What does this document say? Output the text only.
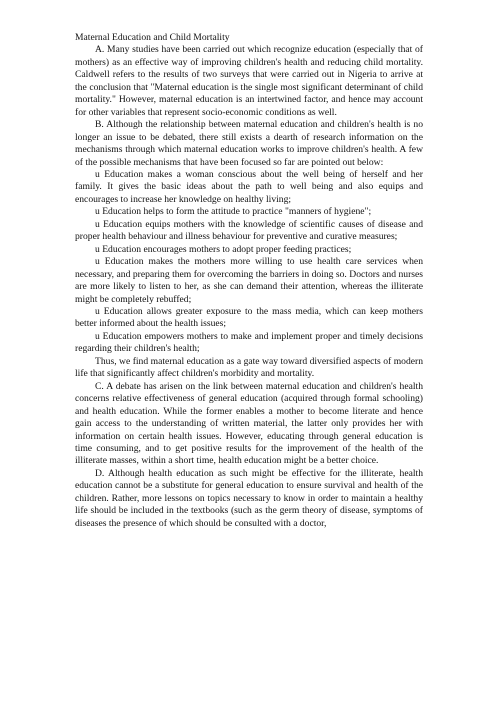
Maternal Education and Child Mortality

A. Many studies have been carried out which recognize education (especially that of mothers) as an effective way of improving children's health and reducing child mortality. Caldwell refers to the results of two surveys that were carried out in Nigeria to arrive at the conclusion that "Maternal education is the single most significant determinant of child mortality." However, maternal education is an intertwined factor, and hence may account for other variables that represent socio-economic conditions as well.

B. Although the relationship between maternal education and children's health is no longer an issue to be debated, there still exists a dearth of research information on the mechanisms through which maternal education works to improve children's health. A few of the possible mechanisms that have been focused so far are pointed out below:

u Education makes a woman conscious about the well being of herself and her family. It gives the basic ideas about the path to well being and also equips and encourages to increase her knowledge on healthy living;

u Education helps to form the attitude to practice "manners of hygiene";

u Education equips mothers with the knowledge of scientific causes of disease and proper health behaviour and illness behaviour for preventive and curative measures;

u Education encourages mothers to adopt proper feeding practices;

u Education makes the mothers more willing to use health care services when necessary, and preparing them for overcoming the barriers in doing so. Doctors and nurses are more likely to listen to her, as she can demand their attention, whereas the illiterate might be completely rebuffed;

u Education allows greater exposure to the mass media, which can keep mothers better informed about the health issues;

u Education empowers mothers to make and implement proper and timely decisions regarding their children's health;

Thus, we find maternal education as a gate way toward diversified aspects of modern life that significantly affect children's morbidity and mortality.

C. A debate has arisen on the link between maternal education and children's health concerns relative effectiveness of general education (acquired through formal schooling) and health education. While the former enables a mother to become literate and hence gain access to the understanding of written material, the latter only provides her with information on certain health issues. However, educating through general education is time consuming, and to get positive results for the improvement of the health of the illiterate masses, within a short time, health education might be a better choice.

D. Although health education as such might be effective for the illiterate, health education cannot be a substitute for general education to ensure survival and health of the children. Rather, more lessons on topics necessary to know in order to maintain a healthy life should be included in the textbooks (such as the germ theory of disease, symptoms of diseases the presence of which should be consulted with a doctor,
